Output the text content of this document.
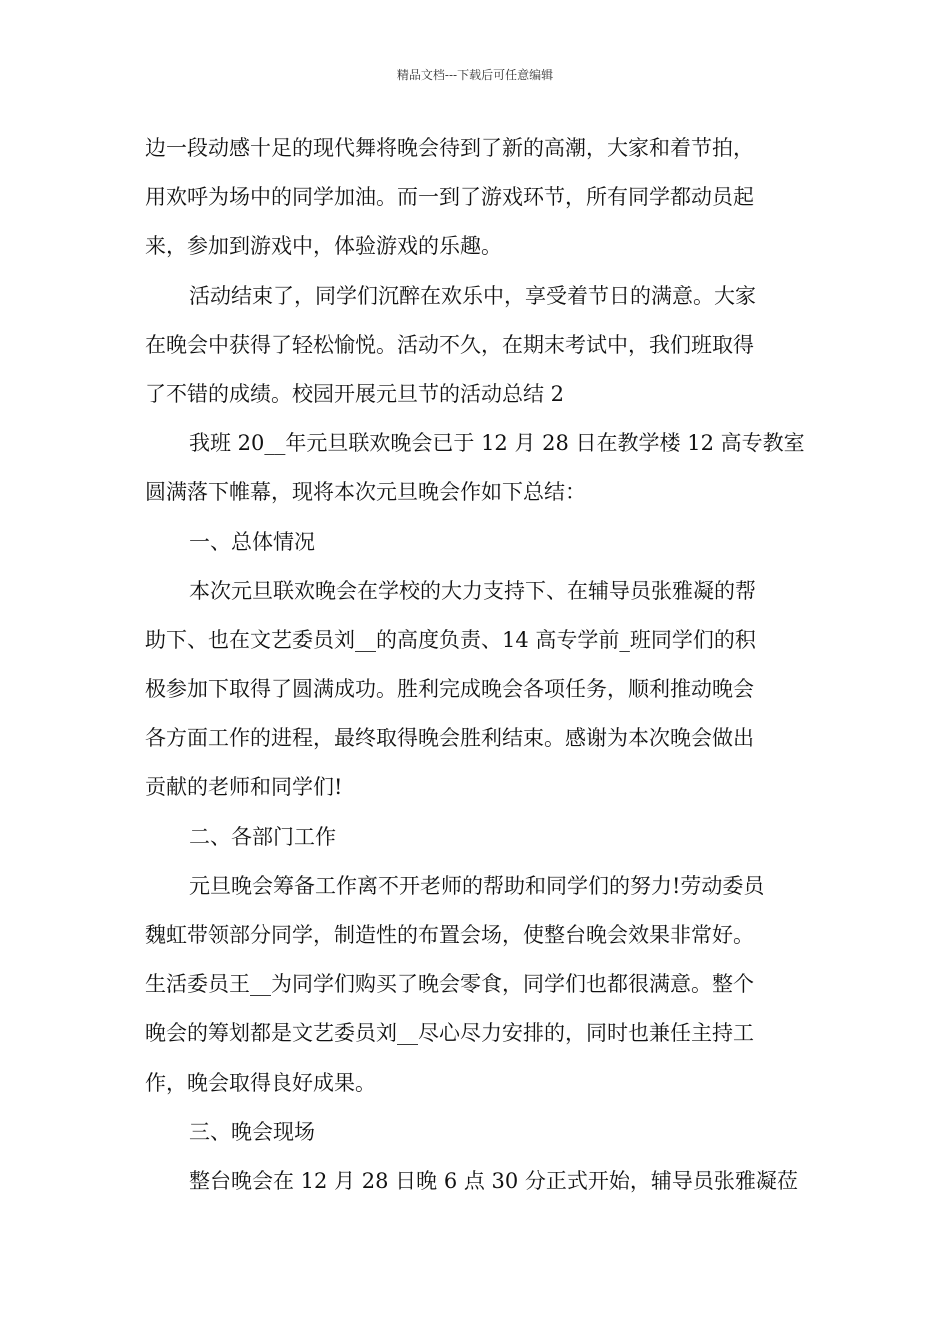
精品文档---下载后可任意编辑
边一段动感十足的现代舞将晚会待到了新的高潮，大家和着节拍，
用欢呼为场中的同学加油。而一到了游戏环节，所有同学都动员起
来，参加到游戏中，体验游戏的乐趣。
活动结束了，同学们沉醉在欢乐中，享受着节日的满意。大家
在晚会中获得了轻松愉悦。活动不久，在期末考试中，我们班取得
了不错的成绩。校园开展元旦节的活动总结 2
我班 20__年元旦联欢晚会已于 12 月 28 日在教学楼 12 高专教室
圆满落下帷幕，现将本次元旦晚会作如下总结：
一、总体情况
本次元旦联欢晚会在学校的大力支持下、在辅导员张雅凝的帮
助下、也在文艺委员刘__的高度负责、14 高专学前_班同学们的积
极参加下取得了圆满成功。胜利完成晚会各项任务，顺利推动晚会
各方面工作的进程，最终取得晚会胜利结束。感谢为本次晚会做出
贡献的老师和同学们!
二、各部门工作
元旦晚会筹备工作离不开老师的帮助和同学们的努力!劳动委员
魏虹带领部分同学，制造性的布置会场，使整台晚会效果非常好。
生活委员王__为同学们购买了晚会零食，同学们也都很满意。整个
晚会的筹划都是文艺委员刘__尽心尽力安排的，同时也兼任主持工
作，晚会取得良好成果。
三、晚会现场
整台晚会在 12 月 28 日晚 6 点 30 分正式开始，辅导员张雅凝莅
